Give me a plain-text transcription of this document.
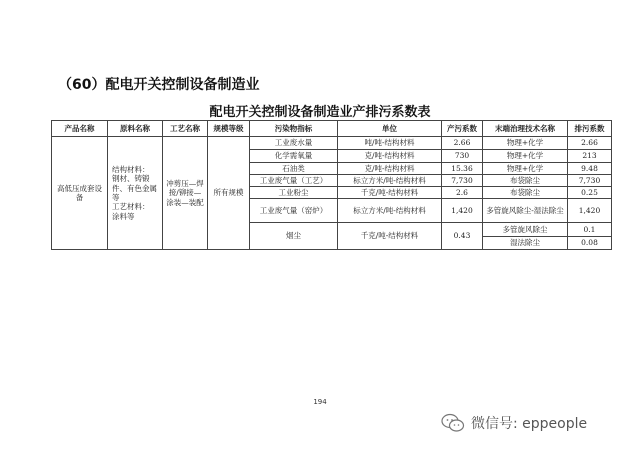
（60）配电开关控制设备制造业
配电开关控制设备制造业产排污系数表
产品名称	原料名称	工艺名称	规模等级	污染物指标	单位	产污系数	末端治理技术名称	排污系数
高低压成套设备	结构材料：
钢材、铸锻件、有色金属等
工艺材料：
涂料等	冲剪压—焊接/铆接—涂装—装配	所有规模	工业废水量	吨/吨-结构材料	2.66	物理+化学	2.66
				化学需氧量	克/吨-结构材料	730	物理+化学	213
				石油类	克/吨-结构材料	15.36	物理+化学	9.48
				工业废气量（工艺）	标立方米/吨-结构材料	7,730	布袋除尘	7,730
				工业粉尘	千克/吨-结构材料	2.6	布袋除尘	0.25
				工业废气量（窑炉）	标立方米/吨-结构材料	1,420	多管旋风除尘-湿法除尘	1,420
				烟尘	千克/吨-结构材料	0.43	多管旋风除尘	0.1
							湿法除尘	0.08
194
微信号: eppeople
